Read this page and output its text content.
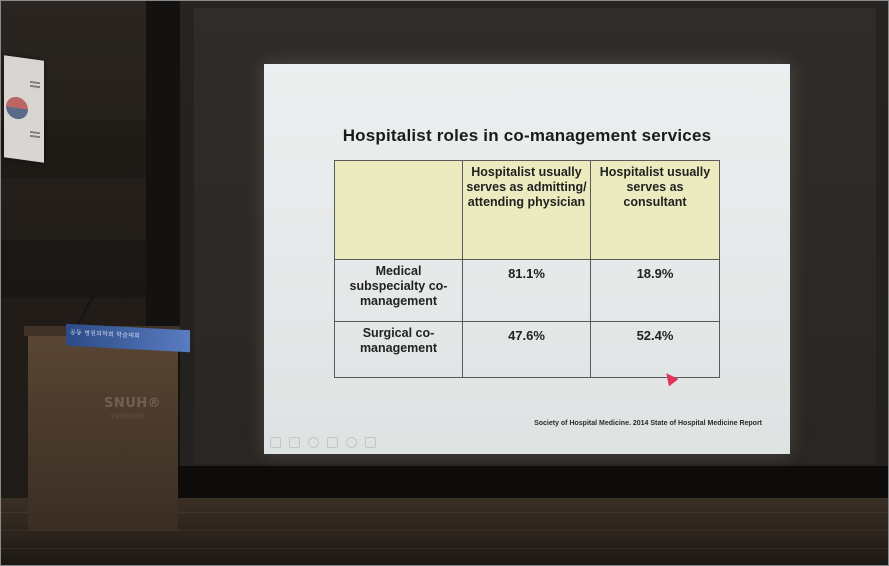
공동 병원의학회 학술대회
SNUH®
서울대학교병원
Hospitalist roles in co-management services
	Hospitalist usually serves as admitting/ attending physician	Hospitalist usually serves as consultant
Medical subspecialty co-management	81.1%	18.9%
Surgical co-management	47.6%	52.4%
Society of Hospital Medicine. 2014 State of Hospital Medicine Report
